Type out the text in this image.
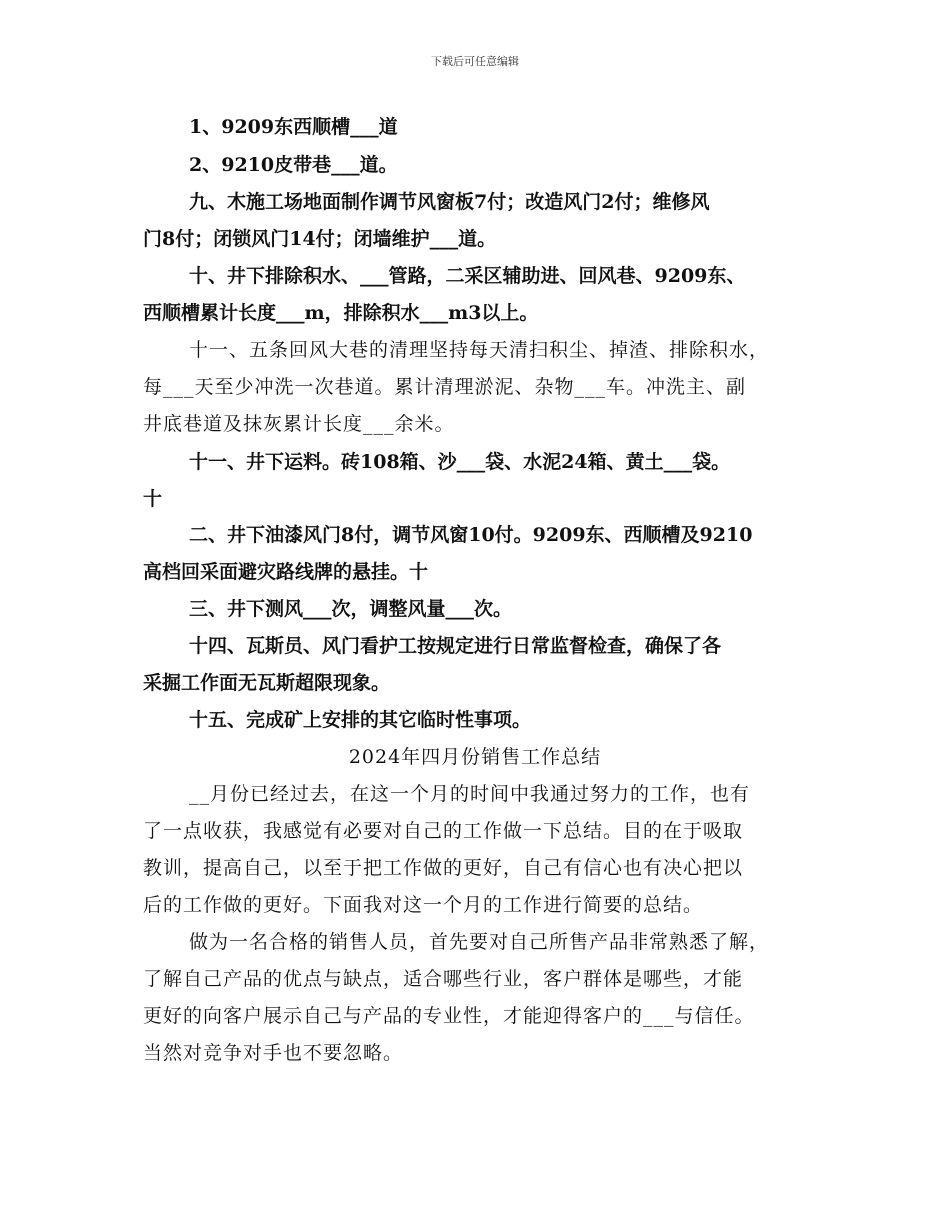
下载后可任意编辑
1、9209东西顺槽___道
2、9210皮带巷___道。
九、木施工场地面制作调节风窗板7付；改造风门2付；维修风
门8付；闭锁风门14付；闭墙维护___道。
十、井下排除积水、___管路，二采区辅助进、回风巷、9209东、
西顺槽累计长度___m，排除积水___m3以上。
十一、五条回风大巷的清理坚持每天清扫积尘、掉渣、排除积水，
每___天至少冲洗一次巷道。累计清理淤泥、杂物___车。冲洗主、副
井底巷道及抹灰累计长度___余米。
十一、井下运料。砖108箱、沙___袋、水泥24箱、黄土___袋。
十
二、井下油漆风门8付，调节风窗10付。9209东、西顺槽及9210
高档回采面避灾路线牌的悬挂。十
三、井下测风___次，调整风量___次。
十四、瓦斯员、风门看护工按规定进行日常监督检查，确保了各
采掘工作面无瓦斯超限现象。
十五、完成矿上安排的其它临时性事项。
2024年四月份销售工作总结
__月份已经过去，在这一个月的时间中我通过努力的工作，也有
了一点收获，我感觉有必要对自己的工作做一下总结。目的在于吸取
教训，提高自己，以至于把工作做的更好，自己有信心也有决心把以
后的工作做的更好。下面我对这一个月的工作进行简要的总结。
做为一名合格的销售人员，首先要对自己所售产品非常熟悉了解，
了解自己产品的优点与缺点，适合哪些行业，客户群体是哪些，才能
更好的向客户展示自己与产品的专业性，才能迎得客户的___与信任。
当然对竞争对手也不要忽略。
